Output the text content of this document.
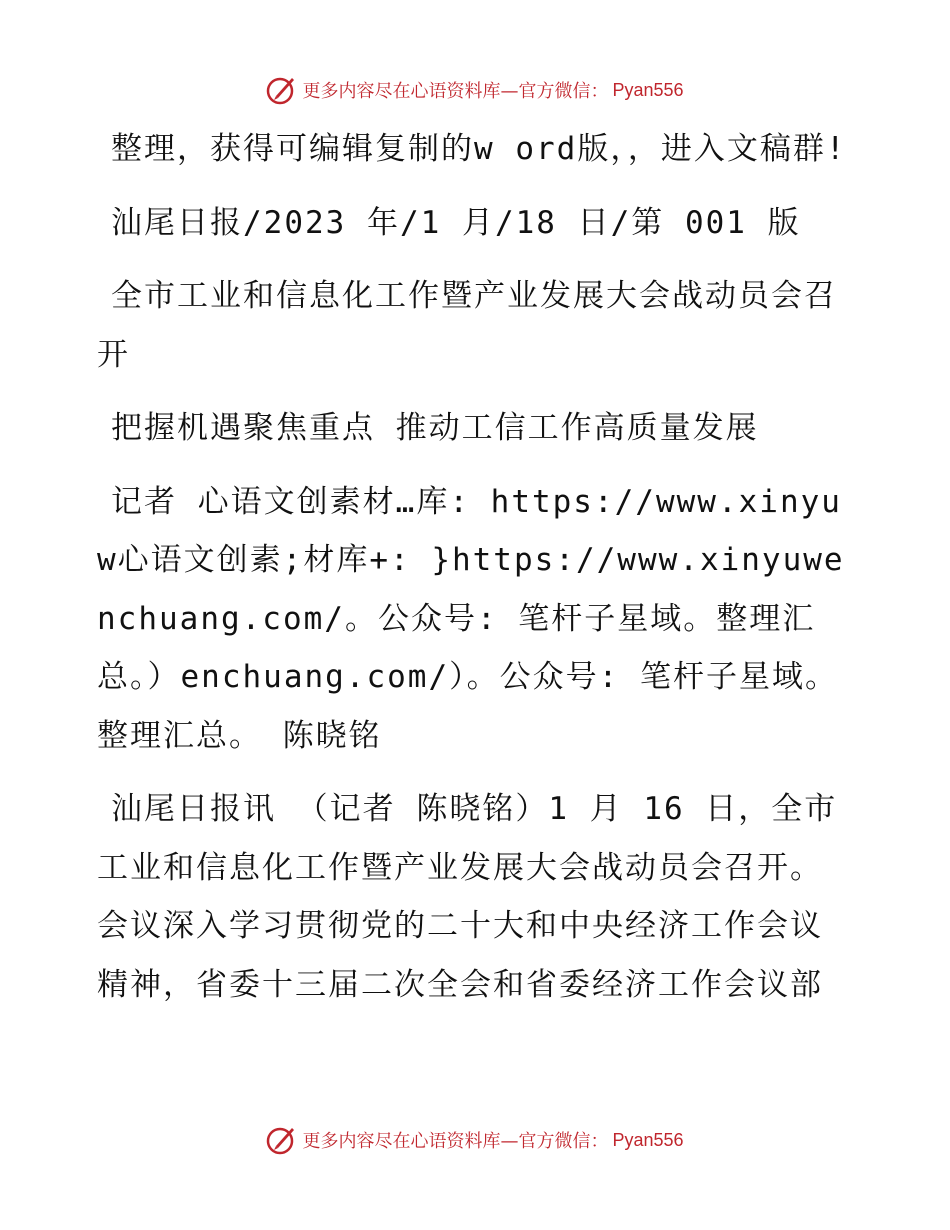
更多内容尽在心语资料库—官方微信： Pyan556

整理，获得可编辑复制的w ord版，，进入文稿群!

汕尾日报/2023 年/1 月/18 日/第 001 版

全市工业和信息化工作暨产业发展大会战动员会召开

把握机遇聚焦重点 推动工信工作高质量发展

记者 心语文创素材…库: https://www.xinyuw心语文创素;材库+: }https://www.xinyuwenchuang.com/。公众号: 笔杆子星域。整理汇总。）enchuang.com/）。公众号: 笔杆子星域。整理汇总。 陈晓铭

汕尾日报讯 （记者 陈晓铭）1 月 16 日，全市工业和信息化工作暨产业发展大会战动员会召开。会议深入学习贯彻党的二十大和中央经济工作会议精神，省委十三届二次全会和省委经济工作会议部

更多内容尽在心语资料库—官方微信： Pyan556
